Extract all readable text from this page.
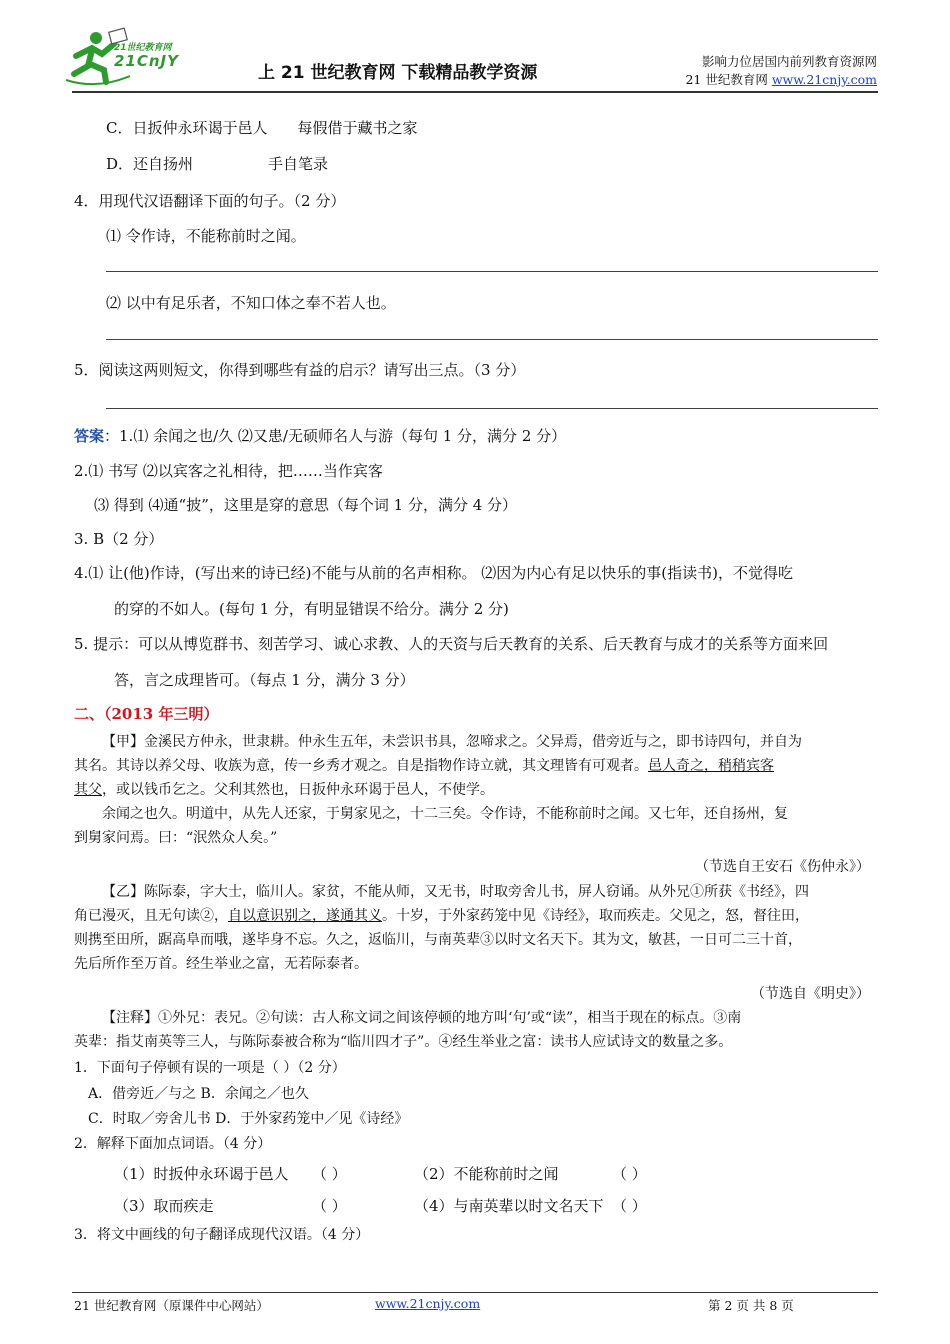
21世纪教育网
21CnJY
上 21 世纪教育网 下载精品教学资源
影响力位居国内前列教育资源网
21 世纪教育网 www.21cnjy.com
C．日扳仲永环谒于邑人　　每假借于藏书之家
D．还自扬州	手自笔录
4．用现代汉语翻译下面的句子。（2 分）
⑴ 令作诗，不能称前时之闻。
⑵ 以中有足乐者，不知口体之奉不若人也。
5．阅读这两则短文，你得到哪些有益的启示？请写出三点。（3 分）
答案：1.⑴ 余闻之也/久 ⑵又患/无硕师名人与游（每句 1 分，满分 2 分）
2.⑴ 书写 ⑵以宾客之礼相待，把……当作宾客
⑶ 得到 ⑷通“披”，这里是穿的意思（每个词 1 分，满分 4 分）
3. B（2 分）
4.⑴ 让(他)作诗，(写出来的诗已经)不能与从前的名声相称。 ⑵因为内心有足以快乐的事(指读书)，不觉得吃
的穿的不如人。(每句 1 分，有明显错误不给分。满分 2 分)
5. 提示：可以从博览群书、刻苦学习、诚心求教、人的天资与后天教育的关系、后天教育与成才的关系等方面来回
答，言之成理皆可。（每点 1 分，满分 3 分）
二、（2013 年三明）
【甲】金溪民方仲永，世隶耕。仲永生五年，未尝识书具，忽啼求之。父异焉，借旁近与之，即书诗四句，并自为
其名。其诗以养父母、收族为意，传一乡秀才观之。自是指物作诗立就，其文理皆有可观者。邑人奇之，稍稍宾客
其父，或以钱币乞之。父利其然也，日扳仲永环谒于邑人，不使学。
余闻之也久。明道中，从先人还家，于舅家见之，十二三矣。令作诗，不能称前时之闻。又七年，还自扬州，复
到舅家问焉。曰：“泯然众人矣。”
（节选自王安石《伤仲永》）
【乙】陈际泰，字大士，临川人。家贫，不能从师，又无书，时取旁舍儿书，屏人窃诵。从外兄①所获《书经》，四
角已漫灭，且无句读②，自以意识别之，遂通其义。十岁，于外家药笼中见《诗经》，取而疾走。父见之，怒，督往田，
则携至田所，踞高阜而哦，遂毕身不忘。久之，返临川，与南英辈③以时文名天下。其为文，敏甚，一日可二三十首，
先后所作至万首。经生举业之富，无若际泰者。
（节选自《明史》）
【注释】①外兄：表兄。②句读：古人称文词之间该停顿的地方叫‘句’或“读”，相当于现在的标点。③南
英辈：指艾南英等三人，与陈际泰被合称为“临川四才子”。④经生举业之富：读书人应试诗文的数量之多。
1．下面句子停顿有误的一项是（ ）（2 分）
A．借旁近／与之 B．余闻之／也久
C．时取／旁舍儿书 D．于外家药笼中／见《诗经》
2．解释下面加点词语。（4 分）
（1）时扳仲永环谒于邑人 （ ）	（2）不能称前时之闻	（ ）
（3）取而疾走	（ ）	（4）与南英辈以时文名天下 （ ）
3．将文中画线的句子翻译成现代汉语。（4 分）
21 世纪教育网（原课件中心网站）	www.21cnjy.com	第 2 页 共 8 页
